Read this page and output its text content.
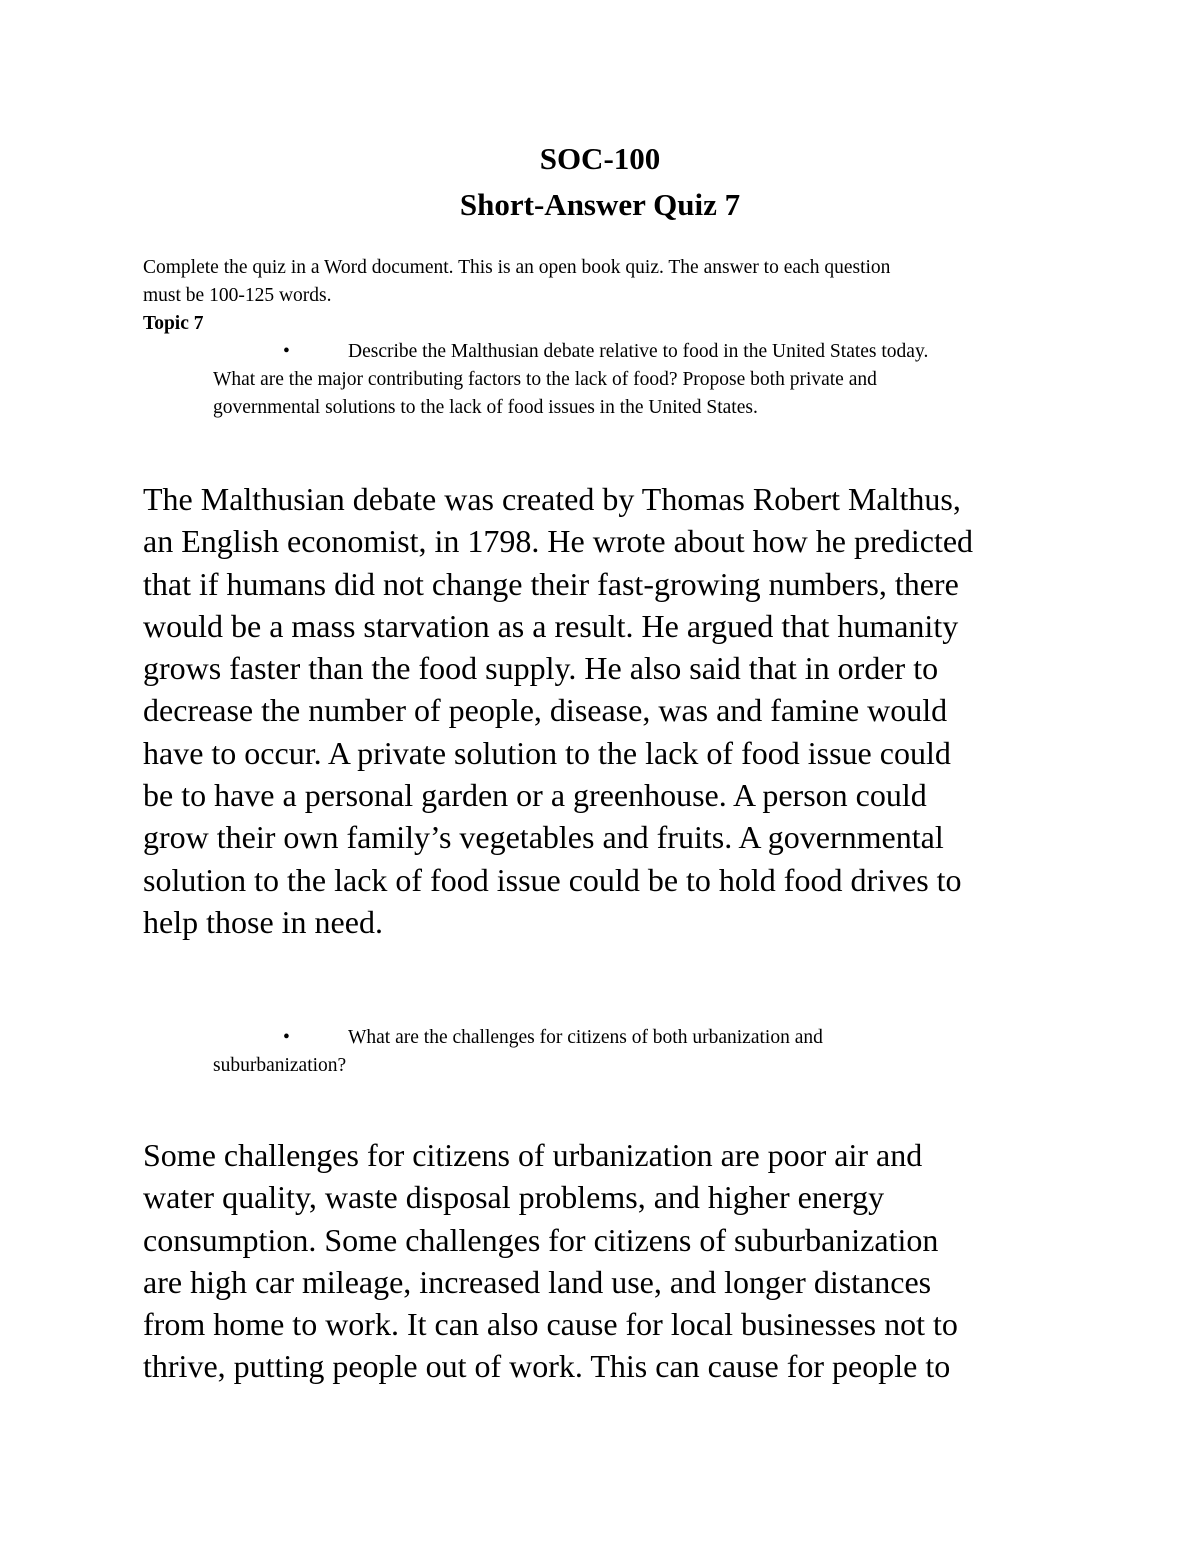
SOC-100
Short-Answer Quiz 7
Complete the quiz in a Word document. This is an open book quiz. The answer to each question
must be 100-125 words.
Topic 7
•	Describe the Malthusian debate relative to food in the United States today.
What are the major contributing factors to the lack of food? Propose both private and
governmental solutions to the lack of food issues in the United States.
The Malthusian debate was created by Thomas Robert Malthus,
an English economist, in 1798. He wrote about how he predicted
that if humans did not change their fast-growing numbers, there
would be a mass starvation as a result. He argued that humanity
grows faster than the food supply. He also said that in order to
decrease the number of people, disease, was and famine would
have to occur. A private solution to the lack of food issue could
be to have a personal garden or a greenhouse. A person could
grow their own family’s vegetables and fruits. A governmental
solution to the lack of food issue could be to hold food drives to
help those in need.
•	What are the challenges for citizens of both urbanization and
suburbanization?
Some challenges for citizens of urbanization are poor air and
water quality, waste disposal problems, and higher energy
consumption. Some challenges for citizens of suburbanization
are high car mileage, increased land use, and longer distances
from home to work. It can also cause for local businesses not to
thrive, putting people out of work. This can cause for people to
